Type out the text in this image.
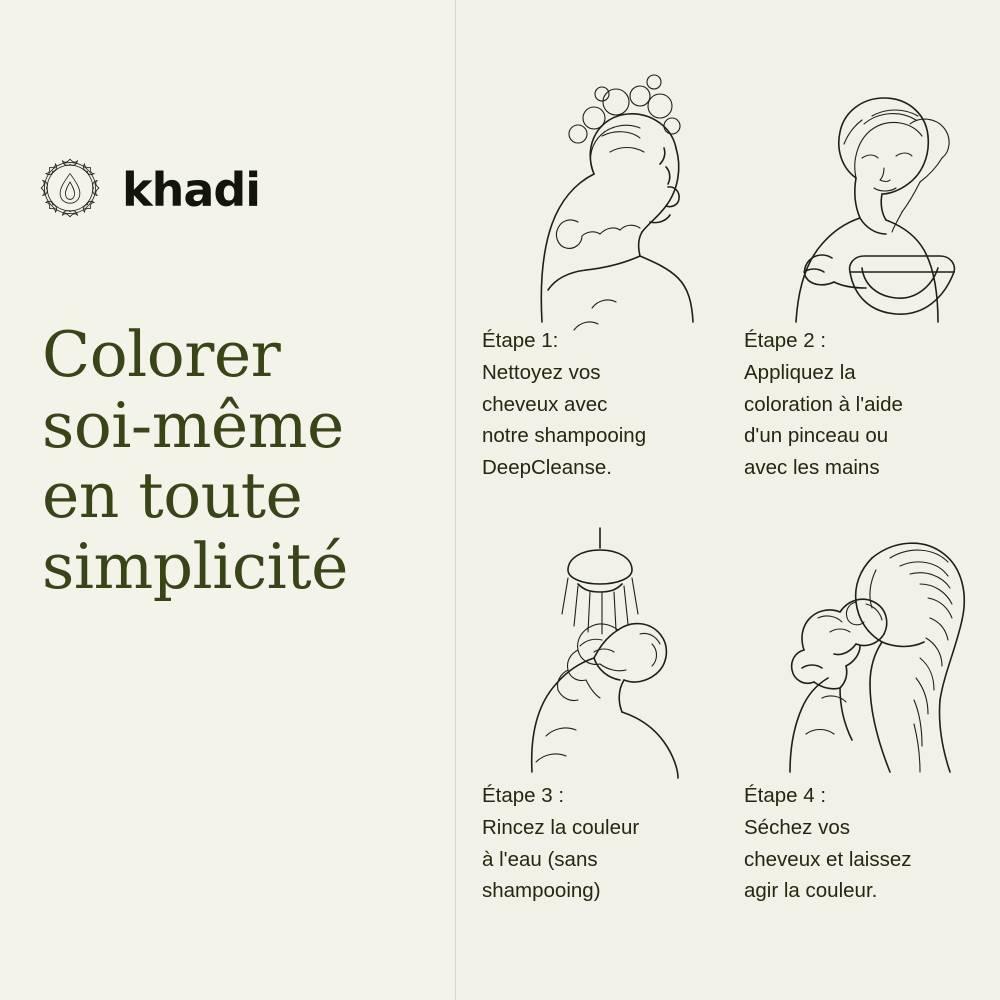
khadi
Colorer
soi-même
en toute
simplicité
Étape 1:
Nettoyez vos
cheveux avec
notre shampooing
DeepCleanse.
Étape 2 :
Appliquez la
coloration à l'aide
d'un pinceau ou
avec les mains
Étape 3 :
Rincez la couleur
à l'eau (sans
shampooing)
Étape 4 :
Séchez vos
cheveux et laissez
agir la couleur.
